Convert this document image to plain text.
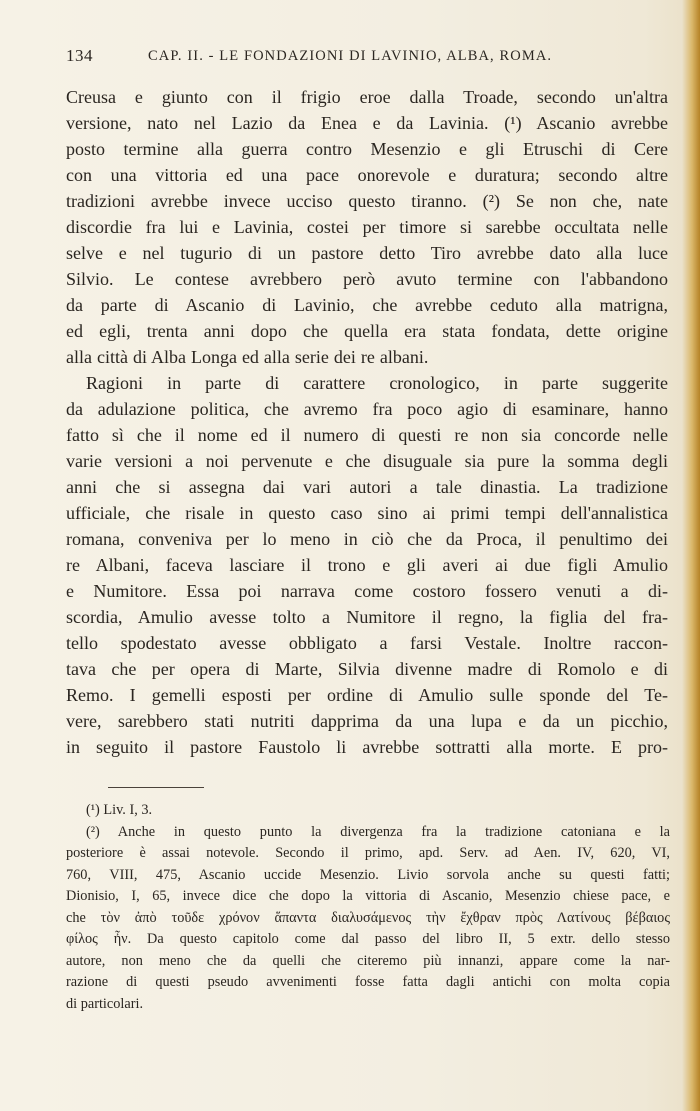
134	CAP. II. - LE FONDAZIONI DI LAVINIO, ALBA, ROMA.
Creusa e giunto con il frigio eroe dalla Troade, secondo un'altra
versione, nato nel Lazio da Enea e da Lavinia. (¹) Ascanio avrebbe
posto termine alla guerra contro Mesenzio e gli Etruschi di Cere
con una vittoria ed una pace onorevole e duratura; secondo altre
tradizioni avrebbe invece ucciso questo tiranno. (²) Se non che, nate
discordie fra lui e Lavinia, costei per timore si sarebbe occultata nelle
selve e nel tugurio di un pastore detto Tiro avrebbe dato alla luce
Silvio. Le contese avrebbero però avuto termine con l'abbandono
da parte di Ascanio di Lavinio, che avrebbe ceduto alla matrigna,
ed egli, trenta anni dopo che quella era stata fondata, dette origine
alla città di Alba Longa ed alla serie dei re albani.
Ragioni in parte di carattere cronologico, in parte suggerite
da adulazione politica, che avremo fra poco agio di esaminare, hanno
fatto sì che il nome ed il numero di questi re non sia concorde nelle
varie versioni a noi pervenute e che disuguale sia pure la somma degli
anni che si assegna dai vari autori a tale dinastia. La tradizione
ufficiale, che risale in questo caso sino ai primi tempi dell'annalistica
romana, conveniva per lo meno in ciò che da Proca, il penultimo dei
re Albani, faceva lasciare il trono e gli averi ai due figli Amulio
e Numitore. Essa poi narrava come costoro fossero venuti a di-
scordia, Amulio avesse tolto a Numitore il regno, la figlia del fra-
tello spodestato avesse obbligato a farsi Vestale. Inoltre raccon-
tava che per opera di Marte, Silvia divenne madre di Romolo e di
Remo. I gemelli esposti per ordine di Amulio sulle sponde del Te-
vere, sarebbero stati nutriti dapprima da una lupa e da un picchio,
in seguito il pastore Faustolo li avrebbe sottratti alla morte. E pro-
(¹) Liv. I, 3.
(²) Anche in questo punto la divergenza fra la tradizione catoniana e la
posteriore è assai notevole. Secondo il primo, apd. Serv. ad Aen. IV, 620, VI,
760, VIII, 475, Ascanio uccide Mesenzio. Livio sorvola anche su questi fatti;
Dionisio, I, 65, invece dice che dopo la vittoria di Ascanio, Mesenzio chiese pace, e
che τὸν ἀπὸ τοῦδε χρόνον ἅπαντα διαλυσάμενος τὴν ἔχθραν πρὸς Λατίνους βέβαιος
φίλος ἦν. Da questo capitolo come dal passo del libro II, 5 extr. dello stesso
autore, non meno che da quelli che citeremo più innanzi, appare come la nar-
razione di questi pseudo avvenimenti fosse fatta dagli antichi con molta copia
di particolari.
